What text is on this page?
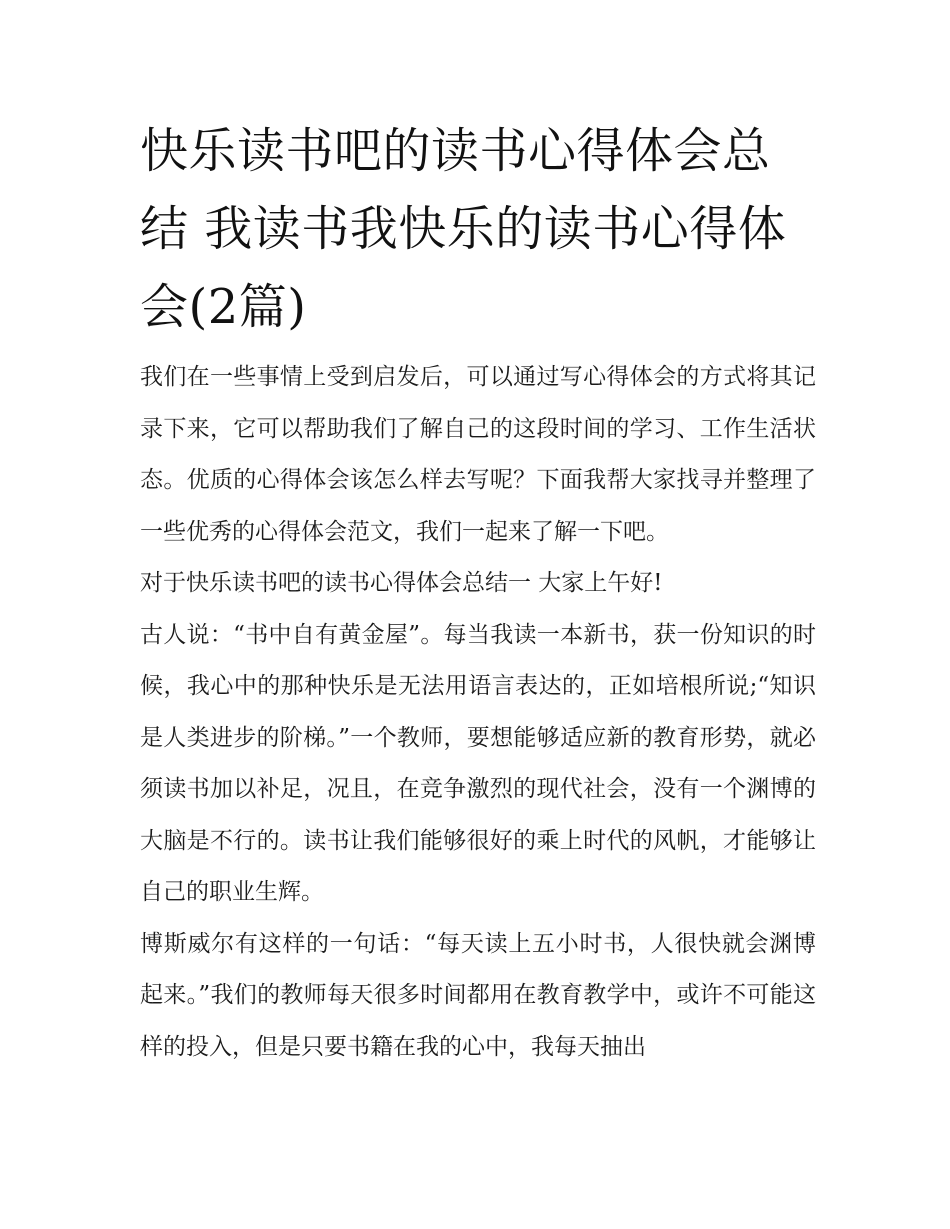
快乐读书吧的读书心得体会总结 我读书我快乐的读书心得体会(2篇)

我们在一些事情上受到启发后，可以通过写心得体会的方式将其记录下来，它可以帮助我们了解自己的这段时间的学习、工作生活状态。优质的心得体会该怎么样去写呢？下面我帮大家找寻并整理了一些优秀的心得体会范文，我们一起来了解一下吧。

对于快乐读书吧的读书心得体会总结一 大家上午好!

古人说：“书中自有黄金屋”。每当我读一本新书，获一份知识的时候，我心中的那种快乐是无法用语言表达的，正如培根所说;“知识是人类进步的阶梯。”一个教师，要想能够适应新的教育形势，就必须读书加以补足，况且，在竞争激烈的现代社会，没有一个渊博的大脑是不行的。读书让我们能够很好的乘上时代的风帆，才能够让自己的职业生辉。

博斯威尔有这样的一句话：“每天读上五小时书，人很快就会渊博起来。”我们的教师每天很多时间都用在教育教学中，或许不可能这样的投入，但是只要书籍在我的心中，我每天抽出
